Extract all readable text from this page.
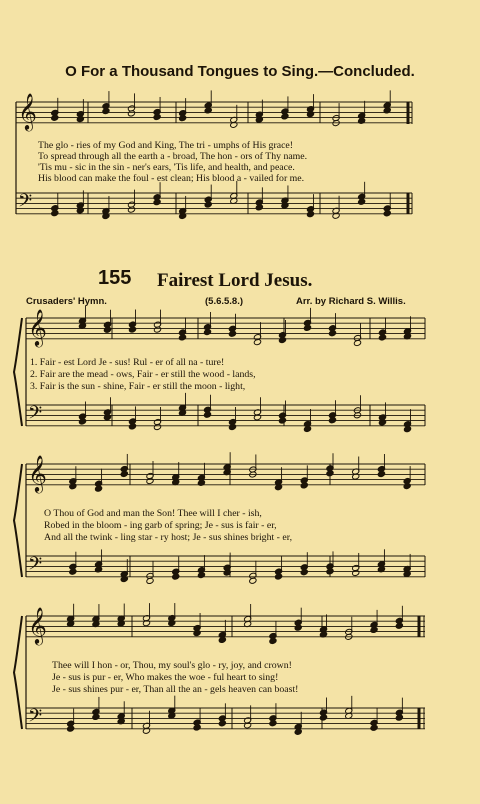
O For a Thousand Tongues to Sing.—Concluded.
The glo - ries of my God and King, The tri - umphs of His grace!
To spread through all the earth a - broad, The hon - ors of Thy name.
'Tis mu - sic in the sin - ner's ears, 'Tis life, and health, and peace.
His blood can make the foul - est clean; His blood a - vailed for me.
155 Fairest Lord Jesus.
Crusaders' Hymn.	(5.6.5.8.)	Arr. by Richard S. Willis.
1. Fair - est Lord Je - sus! Rul - er of all na - ture!
2. Fair are the mead - ows, Fair - er still the wood - lands,
3. Fair is the sun - shine, Fair - er still the moon - light,
O Thou of God and man the Son! Thee will I cher - ish,
Robed in the bloom - ing garb of spring; Je - sus is fair - er,
And all the twink - ling star - ry host; Je - sus shines bright - er,
Thee will I hon - or, Thou, my soul's glo - ry, joy, and crown!
Je - sus is pur - er, Who makes the woe - ful heart to sing!
Je - sus shines pur - er, Than all the an - gels heaven can boast!
𝄞
𝄢
𝄞
𝄢
𝄞
𝄢
𝄞
𝄢
